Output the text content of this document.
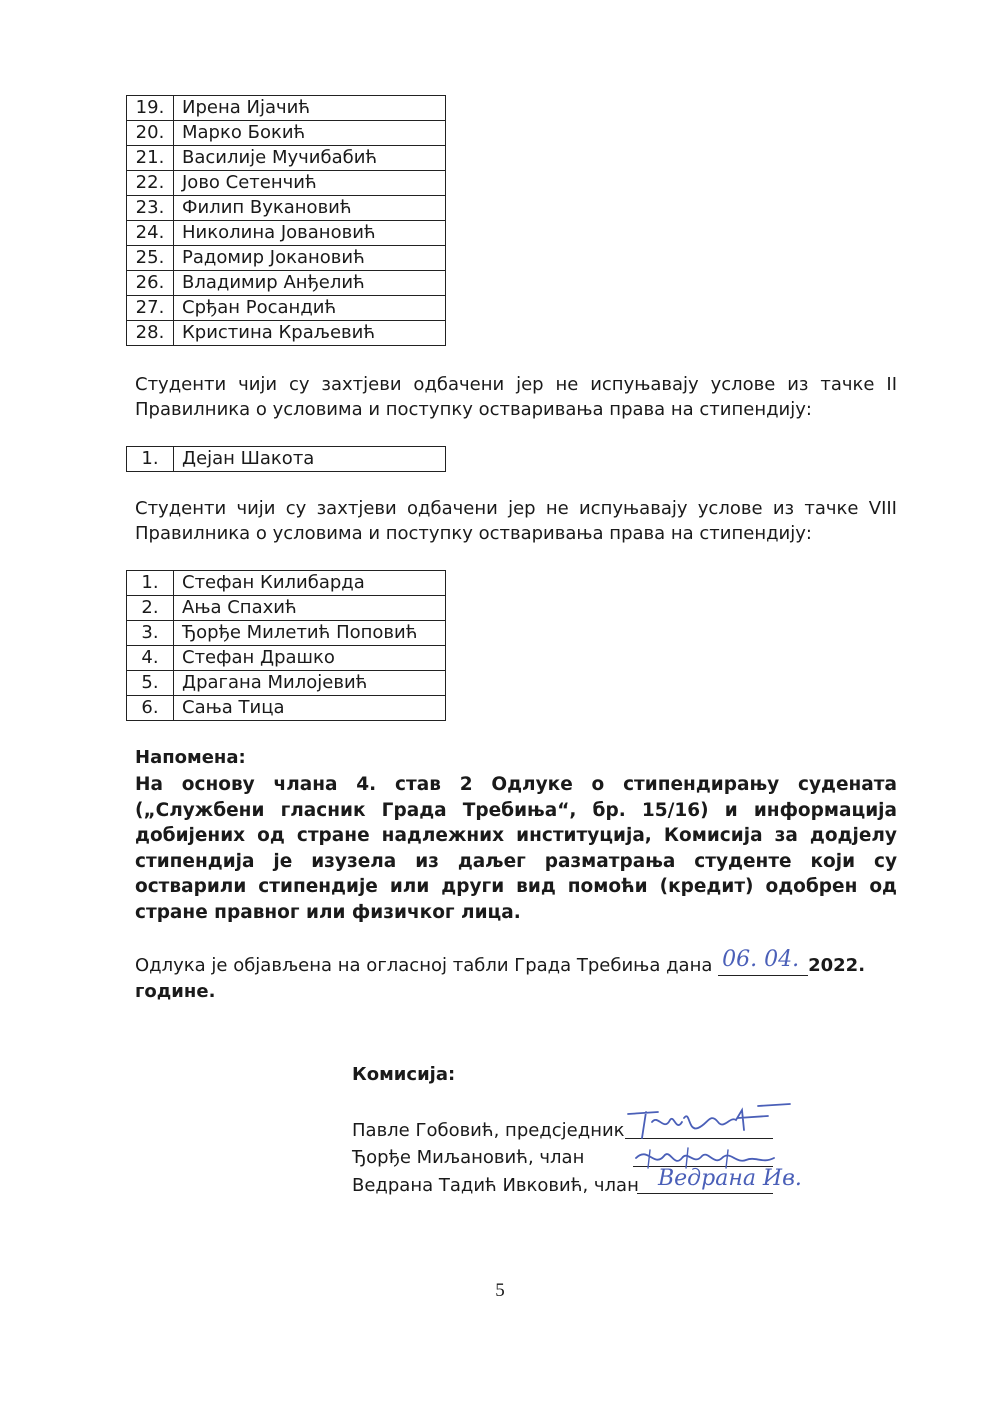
19.	Ирена Ијачић
20.	Марко Бокић
21.	Василије Мучибабић
22.	Јово Сетенчић
23.	Филип Вукановић
24.	Николина Јовановић
25.	Радомир Јокановић
26.	Владимир Анђелић
27.	Срђан Росандић
28.	Кристина Краљевић

Студенти чији су захтјеви одбачени јер не испуњавају услове из тачке II

Правилника о условима и поступку остваривања права на стипендију:

1.	Дејан Шакота

Студенти чији су захтјеви одбачени јер не испуњавају услове из тачке VIII

Правилника о условима и поступку остваривања права на стипендију:

1.	Стефан Килибарда
2.	Ања Спахић
3.	Ђорђе Милетић Поповић
4.	Стефан Драшко
5.	Драгана Милојевић
6.	Сања Тица
Напомена:

На основу члана 4. став 2 Одлуке о стипендирању судената („Службени гласник Града Требиња“, бр. 15/16) и информација добијених од стране надлежних институција, Комисија за додјелу стипендија је изузела из даљег разматрања студенте који су остварили стипендије или други вид помоћи (кредит) одобрен од стране правног или физичког лица.

Одлука је објављена на огласној табли Града Требиња дана 06. 04. 2022.
године.
Комисија:
Павле Гобовић, предсједник
Ђорђе Миљановић, члан
Ведрана Тадић Ивковић, члан Ведрана Ив.
5
